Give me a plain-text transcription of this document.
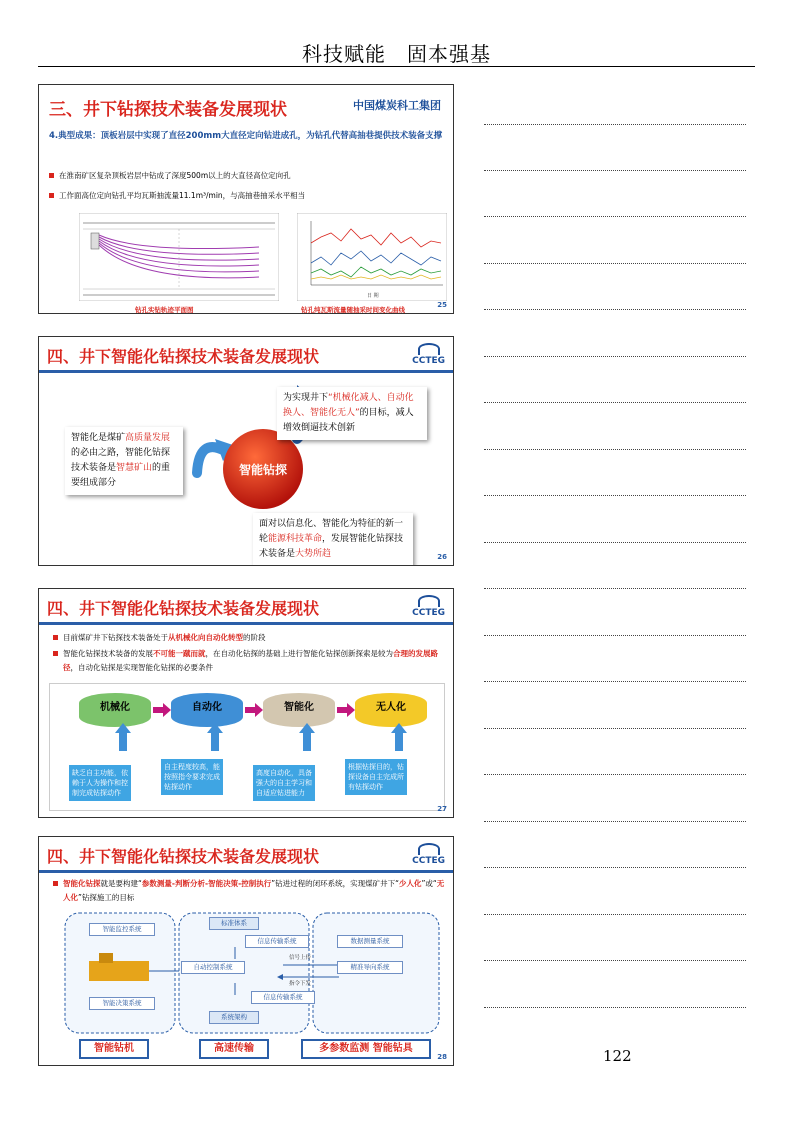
科技赋能　固本强基
三、井下钻探技术装备发展现状	中国煤炭科工集团
4.典型成果：顶板岩层中实现了直径200mm大直径定向钻进成孔，为钻孔代替高抽巷提供技术装备支撑
在淮南矿区复杂顶板岩层中钻成了深度500m以上的大直径高位定向孔
工作面高位定向钻孔平均瓦斯抽流量11.1m³/min，与高抽巷抽采水平相当
日 期
钻孔实钻轨迹平面图	钻孔纯瓦斯流量随抽采时间变化曲线
25
四、井下智能化钻探技术装备发展现状	CCTEG
智能钻探
为实现井下“机械化减人、自动化换人、智能化无人”的目标，减人增效倒逼技术创新
智能化是煤矿高质量发展的必由之路，智能化钻探技术装备是智慧矿山的重要组成部分
面对以信息化、智能化为特征的新一轮能源科技革命，发展智能化钻探技术装备是大势所趋	26
四、井下智能化钻探技术装备发展现状	CCTEG
目前煤矿井下钻探技术装备处于从机械化向自动化转型的阶段
智能化钻探技术装备的发展不可能一蹴而就，在自动化钻探的基础上进行智能化钻探创新探索是较为合理的发展路径，自动化钻探是实现智能化钻探的必要条件
机械化	自动化	智能化	无人化
缺乏自主功能，依赖于人为操作和控制完成钻探动作
自主程度较高，能按照指令要求完成钻探动作
高度自动化，具备强大的自主学习和自适应钻进能力
根据钻探目的，钻探设备自主完成所有钻探动作
27
四、井下智能化钻探技术装备发展现状	CCTEG
智能化钻探就是要构建“参数测量-判断分析-智能决策-控制执行”钻进过程的闭环系统，实现煤矿井下“少人化”或“无人化”钻探施工的目标
智能监控系统
智能决策系统
标准体系
信息传输系统
自动控制系统
信号上传
指令下发
信息传输系统
系统架构
数据测量系统
精准导向系统
智能钻机	高速传输	多参数监测 智能钻具
28	122
